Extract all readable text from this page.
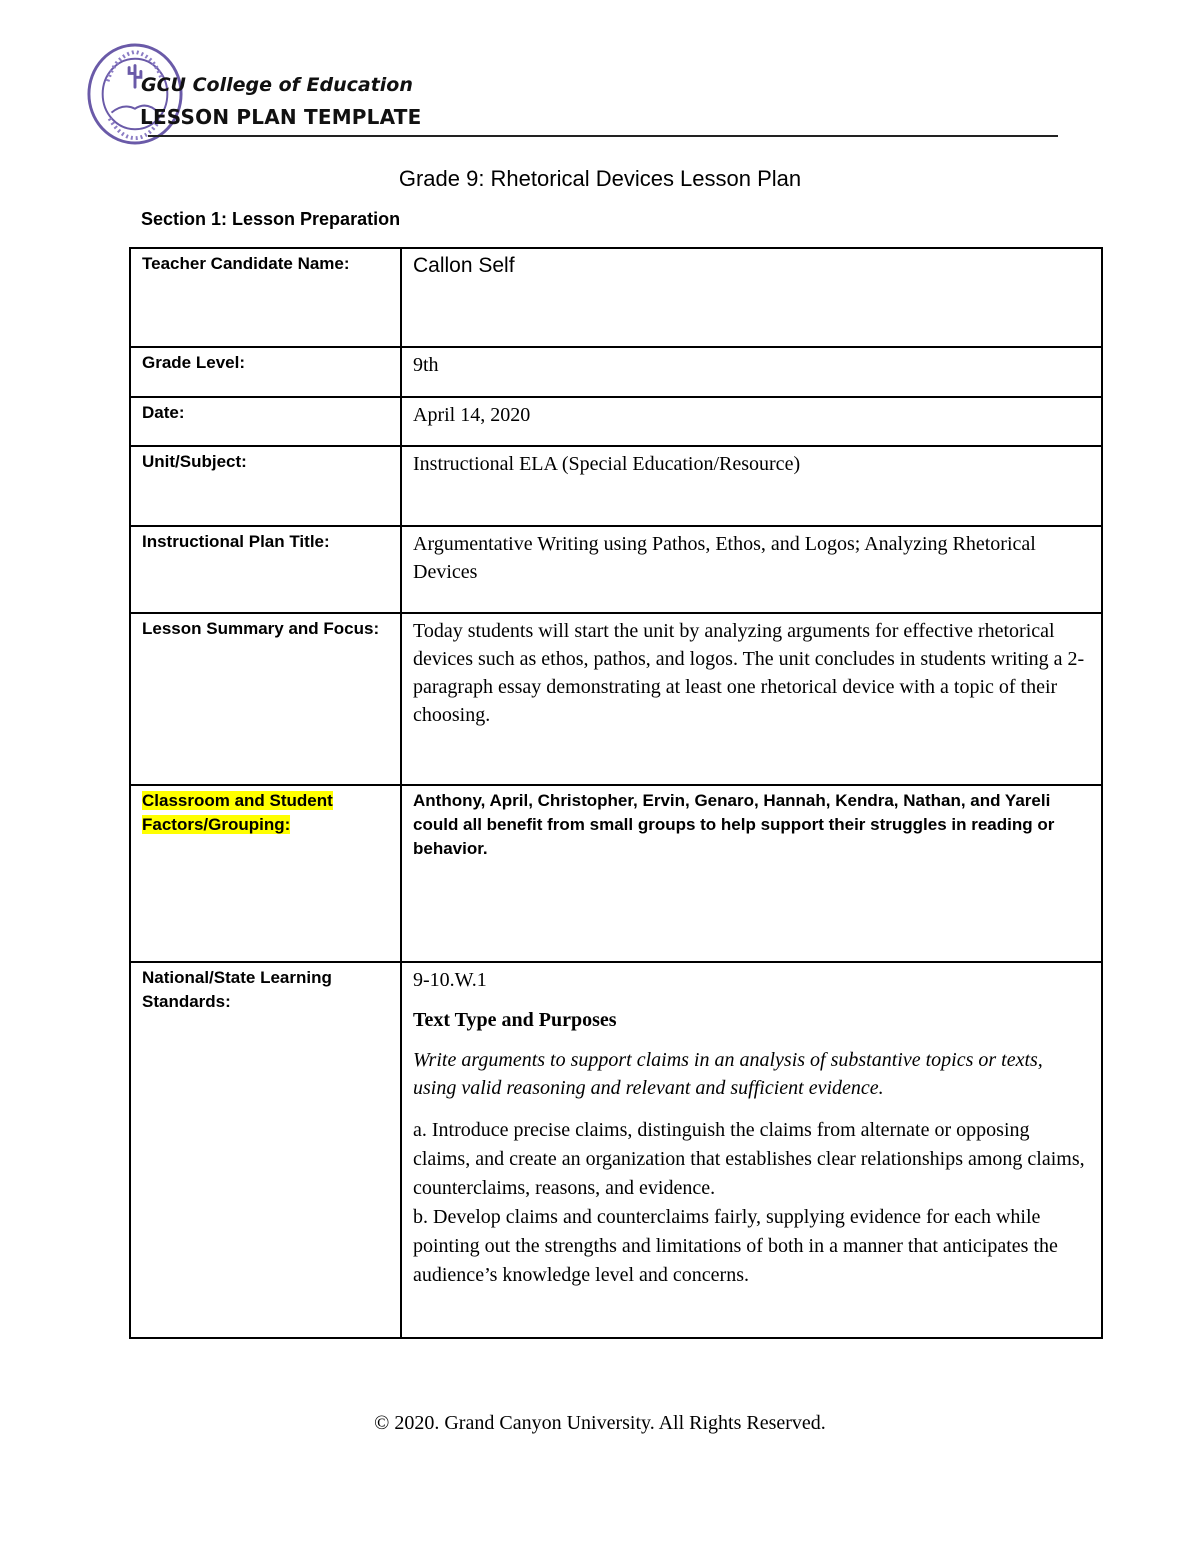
GCU College of Education
LESSON PLAN TEMPLATE
Grade 9: Rhetorical Devices Lesson Plan
Section 1: Lesson Preparation
Teacher Candidate Name:	Callon Self
Grade Level:	9th
Date:	April 14, 2020
Unit/Subject:	Instructional ELA (Special Education/Resource)
Instructional Plan Title:	Argumentative Writing using Pathos, Ethos, and Logos; Analyzing Rhetorical Devices
Lesson Summary and Focus:	Today students will start the unit by analyzing arguments for effective rhetorical devices such as ethos, pathos, and logos. The unit concludes in students writing a 2-paragraph essay demonstrating at least one rhetorical device with a topic of their choosing.
Classroom and Student
Factors/Grouping:	Anthony, April, Christopher, Ervin, Genaro, Hannah, Kendra, Nathan, and Yareli could all benefit from small groups to help support their struggles in reading or behavior.
National/State Learning Standards:	9-10.W.1

Text Type and Purposes

Write arguments to support claims in an analysis of substantive topics or texts, using valid reasoning and relevant and sufficient evidence.

a. Introduce precise claims, distinguish the claims from alternate or opposing claims, and create an organization that establishes clear relationships among claims, counterclaims, reasons, and evidence.

b. Develop claims and counterclaims fairly, supplying evidence for each while pointing out the strengths and limitations of both in a manner that anticipates the audience’s knowledge level and concerns.

© 2020. Grand Canyon University. All Rights Reserved.
